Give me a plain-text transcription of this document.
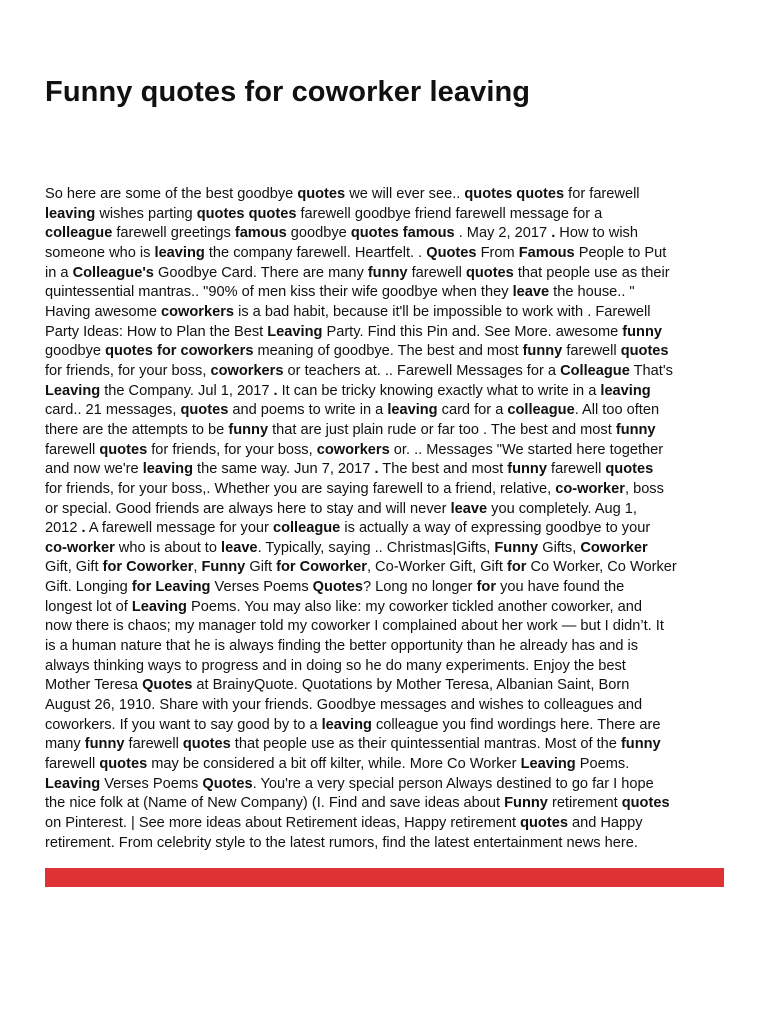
Funny quotes for coworker leaving
So here are some of the best goodbye quotes we will ever see.. quotes quotes for farewell
leaving wishes parting quotes quotes farewell goodbye friend farewell message for a
colleague farewell greetings famous goodbye quotes famous . May 2, 2017 . How to wish
someone who is leaving the company farewell. Heartfelt. . Quotes From Famous People to Put
in a Colleague's Goodbye Card. There are many funny farewell quotes that people use as their
quintessential mantras.. "90% of men kiss their wife goodbye when they leave the house.. "
Having awesome coworkers is a bad habit, because it'll be impossible to work with . Farewell
Party Ideas: How to Plan the Best Leaving Party. Find this Pin and. See More. awesome funny
goodbye quotes for coworkers meaning of goodbye. The best and most funny farewell quotes
for friends, for your boss, coworkers or teachers at. .. Farewell Messages for a Colleague That's
Leaving the Company. Jul 1, 2017 . It can be tricky knowing exactly what to write in a leaving
card.. 21 messages, quotes and poems to write in a leaving card for a colleague. All too often
there are the attempts to be funny that are just plain rude or far too . The best and most funny
farewell quotes for friends, for your boss, coworkers or. .. Messages "We started here together
and now we're leaving the same way. Jun 7, 2017 . The best and most funny farewell quotes
for friends, for your boss,. Whether you are saying farewell to a friend, relative, co-worker, boss
or special. Good friends are always here to stay and will never leave you completely. Aug 1,
2012 . A farewell message for your colleague is actually a way of expressing goodbye to your
co-worker who is about to leave. Typically, saying .. Christmas|Gifts, Funny Gifts, Coworker
Gift, Gift for Coworker, Funny Gift for Coworker, Co-Worker Gift, Gift for Co Worker, Co Worker
Gift. Longing for Leaving Verses Poems Quotes? Long no longer for you have found the
longest lot of Leaving Poems. You may also like: my coworker tickled another coworker, and
now there is chaos; my manager told my coworker I complained about her work — but I didn’t. It
is a human nature that he is always finding the better opportunity than he already has and is
always thinking ways to progress and in doing so he do many experiments. Enjoy the best
Mother Teresa Quotes at BrainyQuote. Quotations by Mother Teresa, Albanian Saint, Born
August 26, 1910. Share with your friends. Goodbye messages and wishes to colleagues and
coworkers. If you want to say good by to a leaving colleague you find wordings here. There are
many funny farewell quotes that people use as their quintessential mantras. Most of the funny
farewell quotes may be considered a bit off kilter, while. More Co Worker Leaving Poems.
Leaving Verses Poems Quotes. You're a very special person Always destined to go far I hope
the nice folk at (Name of New Company) (I. Find and save ideas about Funny retirement quotes
on Pinterest. | See more ideas about Retirement ideas, Happy retirement quotes and Happy
retirement. From celebrity style to the latest rumors, find the latest entertainment news here.
